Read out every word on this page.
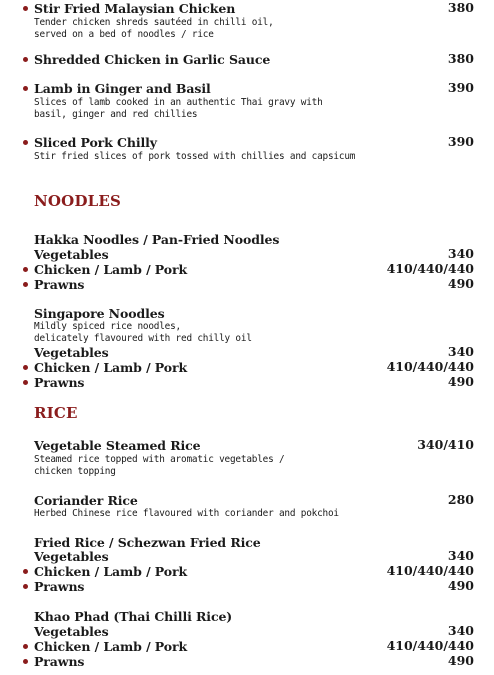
Stir Fried Malaysian Chicken	380
Tender chicken shreds sautéed in chilli oil,
served on a bed of noodles / rice
Shredded Chicken in Garlic Sauce	380
Lamb in Ginger and Basil	390
Slices of lamb cooked in an authentic Thai gravy with
basil, ginger and red chillies
Sliced Pork Chilly	390
Stir fried slices of pork tossed with chillies and capsicum
NOODLES
Hakka Noodles / Pan-Fried Noodles
Vegetables	340
Chicken / Lamb / Pork	410/440/440
Prawns	490
Singapore Noodles
Mildly spiced rice noodles,
delicately flavoured with red chilly oil
Vegetables	340
Chicken / Lamb / Pork	410/440/440
Prawns	490
RICE
Vegetable Steamed Rice	340/410
Steamed rice topped with aromatic vegetables /
chicken topping
Coriander Rice	280
Herbed Chinese rice flavoured with coriander and pokchoi
Fried Rice / Schezwan Fried Rice
Vegetables	340
Chicken / Lamb / Pork	410/440/440
Prawns	490
Khao Phad (Thai Chilli Rice)
Vegetables	340
Chicken / Lamb / Pork	410/440/440
Prawns	490
